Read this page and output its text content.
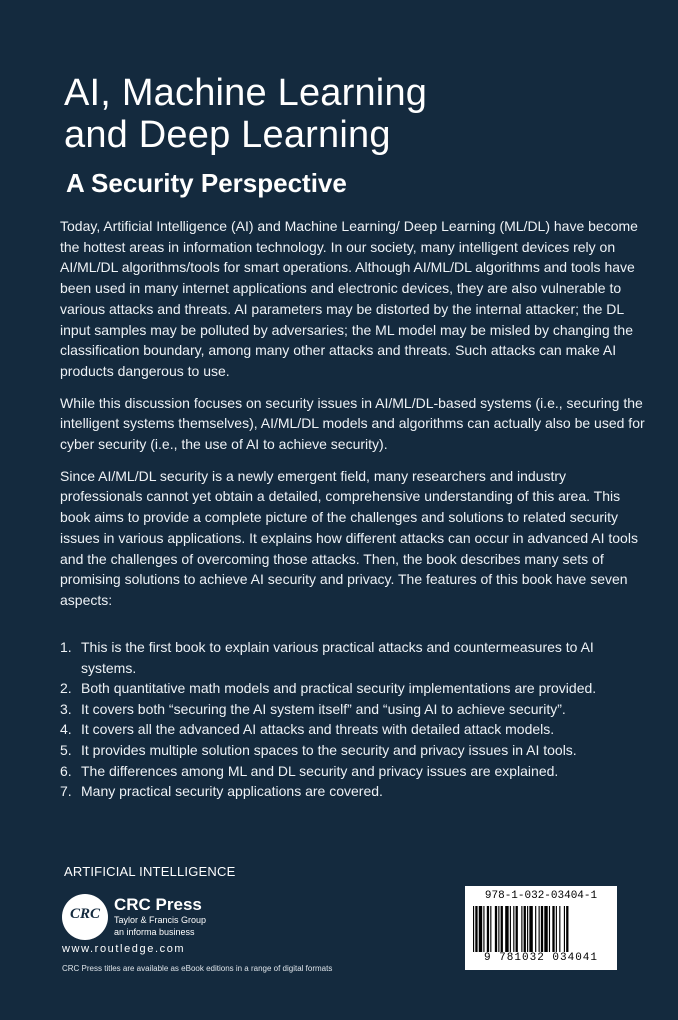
AI, Machine Learning
and Deep Learning
A Security Perspective

Today, Artificial Intelligence (AI) and Machine Learning/ Deep Learning (ML/DL) have become the hottest areas in information technology. In our society, many intelligent devices rely on AI/ML/DL algorithms/tools for smart operations. Although AI/ML/DL algorithms and tools have been used in many internet applications and electronic devices, they are also vulnerable to various attacks and threats. AI parameters may be distorted by the internal attacker; the DL input samples may be polluted by adversaries; the ML model may be misled by changing the classification boundary, among many other attacks and threats. Such attacks can make AI products dangerous to use.

While this discussion focuses on security issues in AI/ML/DL-based systems (i.e., securing the intelligent systems themselves), AI/ML/DL models and algorithms can actually also be used for cyber security (i.e., the use of AI to achieve security).

Since AI/ML/DL security is a newly emergent field, many researchers and industry professionals cannot yet obtain a detailed, comprehensive understanding of this area. This book aims to provide a complete picture of the challenges and solutions to related security issues in various applications. It explains how different attacks can occur in advanced AI tools and the challenges of overcoming those attacks. Then, the book describes many sets of promising solutions to achieve AI security and privacy. The features of this book have seven aspects:

1. This is the first book to explain various practical attacks and countermeasures to AI systems.
2. Both quantitative math models and practical security implementations are provided.
3. It covers both “securing the AI system itself” and “using AI to achieve security”.
4. It covers all the advanced AI attacks and threats with detailed attack models.
5. It provides multiple solution spaces to the security and privacy issues in AI tools.
6. The differences among ML and DL security and privacy issues are explained.
7. Many practical security applications are covered.
ARTIFICIAL INTELLIGENCE
CRC CRC Press
Taylor & Francis Group
an informa business
www.routledge.com
CRC Press titles are available as eBook editions in a range of digital formats
978-1-032-03404-1
9 781032 034041
